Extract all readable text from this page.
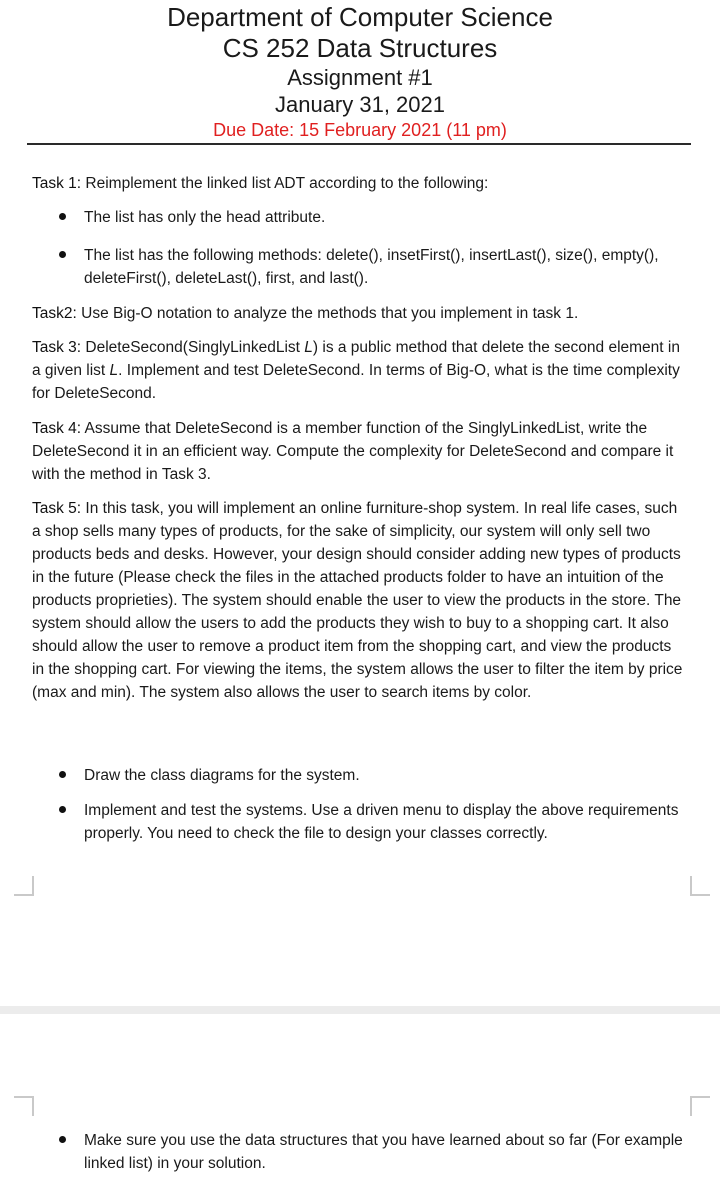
Department of Computer Science
CS 252 Data Structures
Assignment #1
January 31, 2021
Due Date: 15 February 2021 (11 pm)
Task 1: Reimplement the linked list ADT according to the following:
The list has only the head attribute.
The list has the following methods: delete(), insetFirst(), insertLast(), size(), empty(), deleteFirst(), deleteLast(), first, and last().
Task2: Use Big-O notation to analyze the methods that you implement in task 1.
Task 3: DeleteSecond(SinglyLinkedList L) is a public method that delete the second element in a given list L. Implement and test DeleteSecond. In terms of Big-O, what is the time complexity for DeleteSecond.
Task 4: Assume that DeleteSecond is a member function of the SinglyLinkedList, write the DeleteSecond it in an efficient way. Compute the complexity for DeleteSecond and compare it with the method in Task 3.
Task 5: In this task, you will implement an online furniture-shop system. In real life cases, such a shop sells many types of products, for the sake of simplicity, our system will only sell two products beds and desks. However, your design should consider adding new types of products in the future (Please check the files in the attached products folder to have an intuition of the products proprieties). The system should enable the user to view the products in the store. The system should allow the users to add the products they wish to buy to a shopping cart. It also should allow the user to remove a product item from the shopping cart, and view the products in the shopping cart. For viewing the items, the system allows the user to filter the item by price (max and min). The system also allows the user to search items by color.
Draw the class diagrams for the system.
Implement and test the systems. Use a driven menu to display the above requirements properly. You need to check the file to design your classes correctly.
Make sure you use the data structures that you have learned about so far (For example linked list) in your solution.
